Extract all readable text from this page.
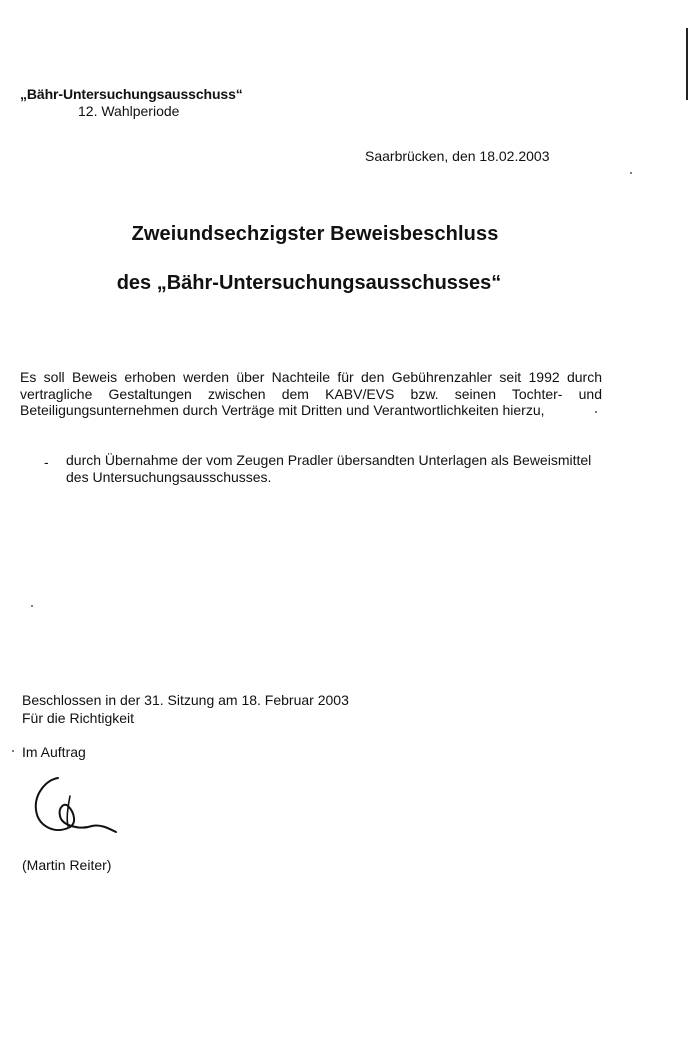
„Bähr-Untersuchungsausschuss“
12. Wahlperiode
Saarbrücken, den 18.02.2003
Zweiundsechzigster Beweisbeschluss
des „Bähr-Untersuchungsausschusses“
Es soll Beweis erhoben werden über Nachteile für den Gebührenzahler seit 1992 durch vertragliche Gestaltungen zwischen dem KABV/EVS bzw. seinen Tochter- und Beteiligungsunternehmen durch Verträge mit Dritten und Verantwortlichkeiten hierzu,
- durch Übernahme der vom Zeugen Pradler übersandten Unterlagen als Beweismittel des Untersuchungsausschusses.
Beschlossen in der 31. Sitzung am 18. Februar 2003
Für die Richtigkeit
Im Auftrag
(Martin Reiter)
